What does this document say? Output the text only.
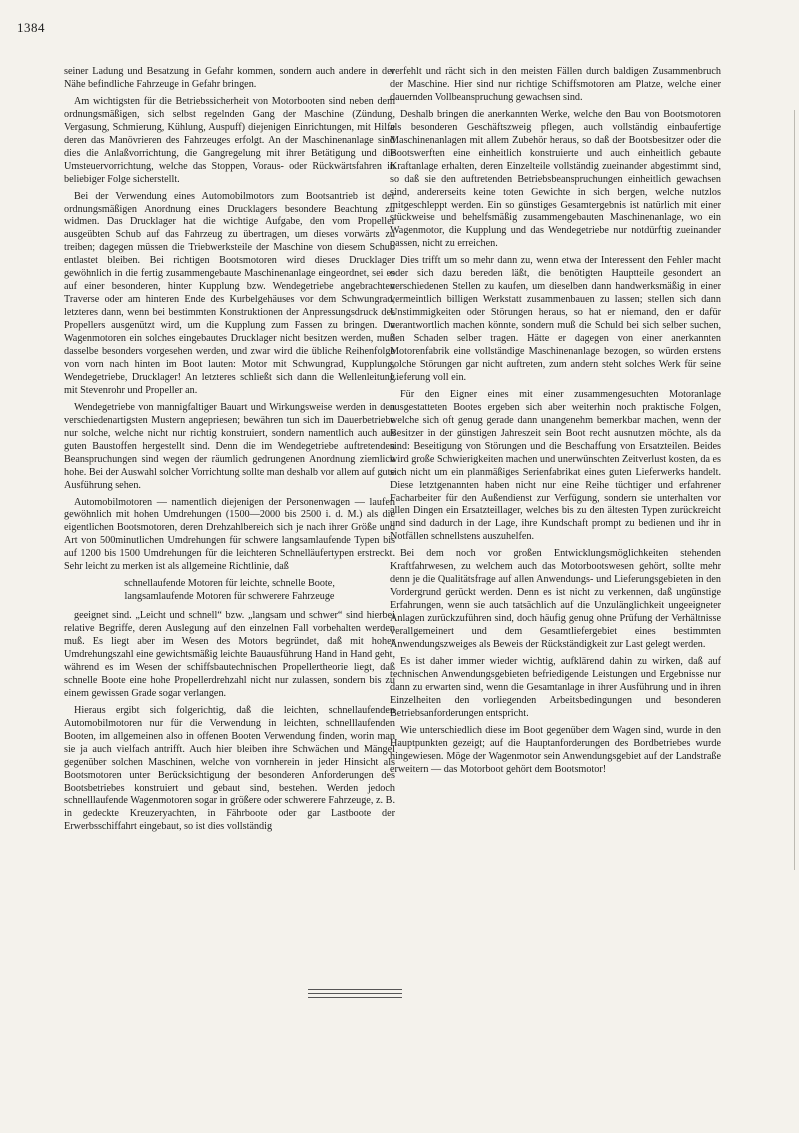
1384

seiner Ladung und Besatzung in Gefahr kommen, sondern auch andere in der Nähe befindliche Fahrzeuge in Gefahr bringen.

Am wichtigsten für die Betriebssicherheit von Motorbooten sind neben dem ordnungsmäßigen, sich selbst regelnden Gang der Maschine (Zündung, Vergasung, Schmierung, Kühlung, Auspuff) diejenigen Einrichtungen, mit Hilfe deren das Manövrieren des Fahrzeuges erfolgt. An der Maschinenanlage sind dies die Anlaßvorrichtung, die Gangregelung mit ihrer Betätigung und die Umsteuervorrichtung, welche das Stoppen, Voraus- oder Rückwärtsfahren in beliebiger Folge sicherstellt.

Bei der Verwendung eines Automobilmotors zum Bootsantrieb ist der ordnungsmäßigen Anordnung eines Drucklagers besondere Beachtung zu widmen. Das Drucklager hat die wichtige Aufgabe, den vom Propeller ausgeübten Schub auf das Fahrzeug zu übertragen, um dieses vorwärts zu treiben; dagegen müssen die Triebwerksteile der Maschine von diesem Schub entlastet bleiben. Bei richtigen Bootsmotoren wird dieses Drucklager gewöhnlich in die fertig zusammengebaute Maschinenanlage eingeordnet, sei es auf einer besonderen, hinter Kupplung bzw. Wendegetriebe angebrachten Traverse oder am hinteren Ende des Kurbelgehäuses vor dem Schwungrad, letzteres dann, wenn bei bestimmten Konstruktionen der Anpressungsdruck des Propellers ausgenützt wird, um die Kupplung zum Fassen zu bringen. Da Wagenmotoren ein solches eingebautes Drucklager nicht besitzen werden, muß dasselbe besonders vorgesehen werden, und zwar wird die übliche Reihenfolge von vorn nach hinten im Boot lauten: Motor mit Schwungrad, Kupplung, Wendegetriebe, Drucklager! An letzteres schließt sich dann die Wellenleitung mit Stevenrohr und Propeller an.

Wendegetriebe von mannigfaltiger Bauart und Wirkungsweise werden in den verschiedenartigsten Mustern angepriesen; bewähren tun sich im Dauerbetriebe nur solche, welche nicht nur richtig konstruiert, sondern namentlich auch aus guten Baustoffen hergestellt sind. Denn die im Wendegetriebe auftretenden Beanspruchungen sind wegen der räumlich gedrungenen Anordnung ziemlich hohe. Bei der Auswahl solcher Vorrichtung sollte man deshalb vor allem auf gute Ausführung sehen.

Automobilmotoren — namentlich diejenigen der Personenwagen — laufen gewöhnlich mit hohen Umdrehungen (1500—2000 bis 2500 i. d. M.) als die eigentlichen Bootsmotoren, deren Drehzahlbereich sich je nach ihrer Größe und Art von 500minutlichen Umdrehungen für schwere langsamlaufende Typen bis auf 1200 bis 1500 Umdrehungen für die leichteren Schnelläufertypen erstreckt. Sehr leicht zu merken ist als allgemeine Richtlinie, daß

schnellaufende Motoren für leichte, schnelle Boote,

langsamlaufende Motoren für schwerere Fahrzeuge

geeignet sind. „Leicht und schnell“ bzw. „langsam und schwer“ sind hierbei relative Begriffe, deren Auslegung auf den einzelnen Fall vorbehalten werden muß. Es liegt aber im Wesen des Motors begründet, daß mit hoher Umdrehungszahl eine gewichtsmäßig leichte Bauausführung Hand in Hand geht, während es im Wesen der schiffsbautechnischen Propellertheorie liegt, daß schnelle Boote eine hohe Propellerdrehzahl nicht nur zulassen, sondern bis zu einem gewissen Grade sogar verlangen.

Hieraus ergibt sich folgerichtig, daß die leichten, schnellaufenden Automobilmotoren nur für die Verwendung in leichten, schnelllaufenden Booten, im allgemeinen also in offenen Booten Verwendung finden, worin man sie ja auch vielfach antrifft. Auch hier bleiben ihre Schwächen und Mängel gegenüber solchen Maschinen, welche von vornherein in jeder Hinsicht als Bootsmotoren unter Berücksichtigung der besonderen Anforderungen des Bootsbetriebes konstruiert und gebaut sind, bestehen. Werden jedoch schnelllaufende Wagenmotoren sogar in größere oder schwerere Fahrzeuge, z. B. in gedeckte Kreuzeryachten, in Fährboote oder gar Lastboote der Erwerbsschiffahrt eingebaut, so ist dies vollständig

verfehlt und rächt sich in den meisten Fällen durch baldigen Zusammenbruch der Maschine. Hier sind nur richtige Schiffsmotoren am Platze, welche einer dauernden Vollbeanspruchung gewachsen sind.

Deshalb bringen die anerkannten Werke, welche den Bau von Bootsmotoren als besonderen Geschäftszweig pflegen, auch vollständig einbaufertige Maschinenanlagen mit allem Zubehör heraus, so daß der Bootsbesitzer oder die Bootswerften eine einheitlich konstruierte und auch einheitlich gebaute Kraftanlage erhalten, deren Einzelteile vollständig zueinander abgestimmt sind, so daß sie den auftretenden Betriebsbeanspruchungen einheitlich gewachsen sind, andererseits keine toten Gewichte in sich bergen, welche nutzlos mitgeschleppt werden. Ein so günstiges Gesamtergebnis ist natürlich mit einer stückweise und behelfsmäßig zusammengebauten Maschinenanlage, wo ein Wagenmotor, die Kupplung und das Wendegetriebe nur notdürftig zueinander passen, nicht zu erreichen.

Dies trifft um so mehr dann zu, wenn etwa der Interessent den Fehler macht oder sich dazu bereden läßt, die benötigten Hauptteile gesondert an verschiedenen Stellen zu kaufen, um dieselben dann handwerksmäßig in einer vermeintlich billigen Werkstatt zusammenbauen zu lassen; stellen sich dann Unstimmigkeiten oder Störungen heraus, so hat er niemand, den er dafür verantwortlich machen könnte, sondern muß die Schuld bei sich selber suchen, den Schaden selber tragen. Hätte er dagegen von einer anerkannten Motorenfabrik eine vollständige Maschinenanlage bezogen, so würden erstens solche Störungen gar nicht auftreten, zum andern steht solches Werk für seine Lieferung voll ein.

Für den Eigner eines mit einer zusammengesuchten Motoranlage ausgestatteten Bootes ergeben sich aber weiterhin noch praktische Folgen, welche sich oft genug gerade dann unangenehm bemerkbar machen, wenn der Besitzer in der günstigen Jahreszeit sein Boot recht ausnutzen möchte, als da sind: Beseitigung von Störungen und die Beschaffung von Ersatzteilen. Beides wird große Schwierigkeiten machen und unerwünschten Zeitverlust kosten, da es sich nicht um ein planmäßiges Serienfabrikat eines guten Lieferwerks handelt. Diese letztgenannten haben nicht nur eine Reihe tüchtiger und erfahrener Facharbeiter für den Außendienst zur Verfügung, sondern sie unterhalten vor allen Dingen ein Ersatzteillager, welches bis zu den ältesten Typen zurückreicht und sind dadurch in der Lage, ihre Kundschaft prompt zu bedienen und ihr in Notfällen schnellstens auszuhelfen.

Bei dem noch vor großen Entwicklungsmöglichkeiten stehenden Kraftfahrwesen, zu welchem auch das Motorbootswesen gehört, sollte mehr denn je die Qualitätsfrage auf allen Anwendungs- und Lieferungsgebieten in den Vordergrund gerückt werden. Denn es ist nicht zu verkennen, daß ungünstige Erfahrungen, wenn sie auch tatsächlich auf die Unzulänglichkeit ungeeigneter Anlagen zurückzuführen sind, doch häufig genug ohne Prüfung der Verhältnisse verallgemeinert und dem Gesamtliefergebiet eines bestimmten Anwendungszweiges als Beweis der Rückständigkeit zur Last gelegt werden.

Es ist daher immer wieder wichtig, aufklärend dahin zu wirken, daß auf technischen Anwendungsgebieten befriedigende Leistungen und Ergebnisse nur dann zu erwarten sind, wenn die Gesamtanlage in ihrer Ausführung und in ihren Einzelheiten den vorliegenden Arbeitsbedingungen und besonderen Betriebsanforderungen entspricht.

Wie unterschiedlich diese im Boot gegenüber dem Wagen sind, wurde in den Hauptpunkten gezeigt; auf die Hauptanforderungen des Bordbetriebes wurde hingewiesen. Möge der Wagenmotor sein Anwendungsgebiet auf der Landstraße erweitern — das Motorboot gehört dem Bootsmotor!
